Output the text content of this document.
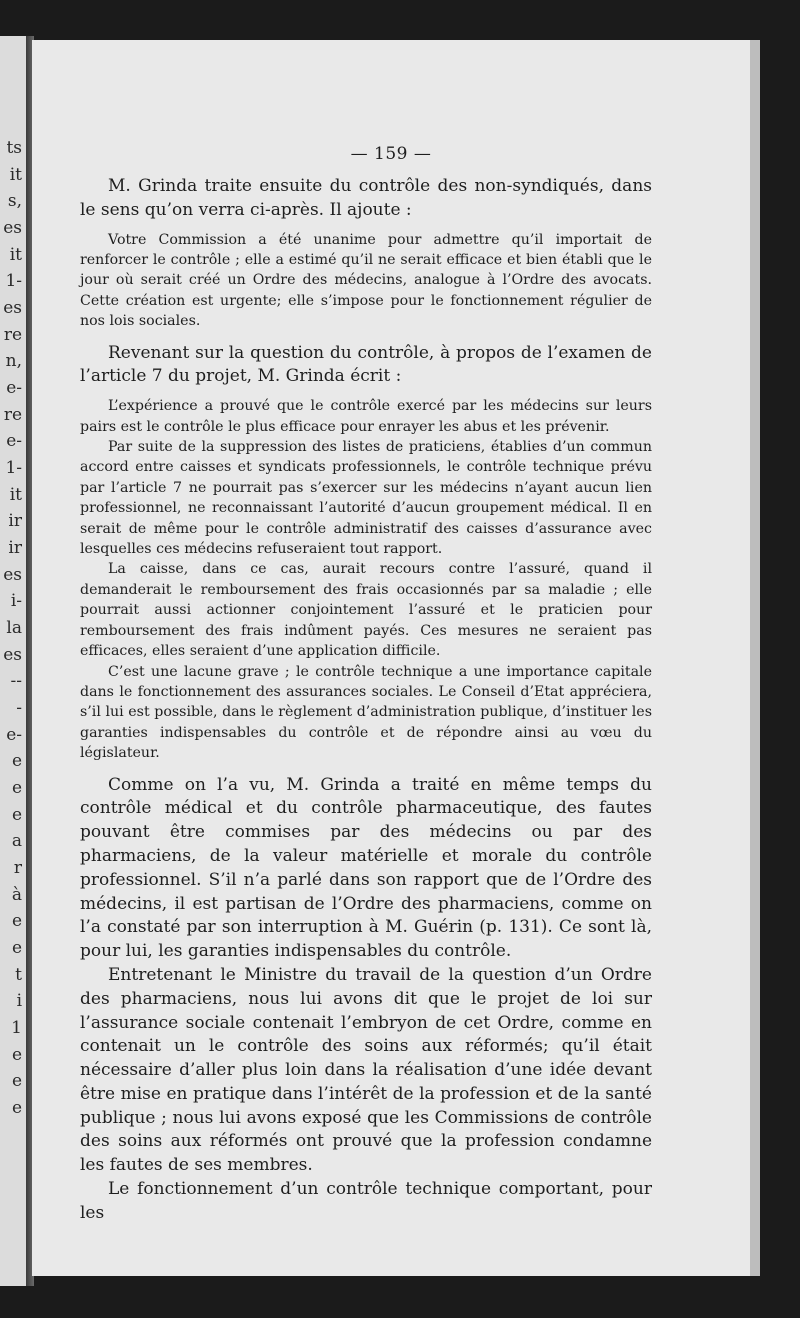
ts
it
s,
es
it
1-
es
re
n,
e-
re
e-
1-
it
ir
ir
es
i-
la
es
--
-
e-
e
e
e
a
r
à
e
e
t
i
1
e
e
e
— 159 —

M. Grinda traite ensuite du contrôle des non-syndiqués, dans le sens qu’on verra ci-après. Il ajoute :

Votre Commission a été unanime pour admettre qu’il importait de renforcer le contrôle ; elle a estimé qu’il ne serait efficace et bien établi que le jour où serait créé un Ordre des médecins, analogue à l’Ordre des avocats. Cette création est urgente; elle s’impose pour le fonctionnement régulier de nos lois sociales.

Revenant sur la question du contrôle, à propos de l’examen de l’article 7 du projet, M. Grinda écrit :

L’expérience a prouvé que le contrôle exercé par les médecins sur leurs pairs est le contrôle le plus efficace pour enrayer les abus et les prévenir.

Par suite de la suppression des listes de praticiens, établies d’un commun accord entre caisses et syndicats professionnels, le contrôle technique prévu par l’article 7 ne pourrait pas s’exercer sur les médecins n’ayant aucun lien professionnel, ne reconnaissant l’autorité d’aucun groupement médical. Il en serait de même pour le contrôle administratif des caisses d’assurance avec lesquelles ces médecins refuseraient tout rapport.

La caisse, dans ce cas, aurait recours contre l’assuré, quand il demanderait le remboursement des frais occasionnés par sa maladie ; elle pourrait aussi actionner conjointement l’assuré et le praticien pour remboursement des frais indûment payés. Ces mesures ne seraient pas efficaces, elles seraient d’une application difficile.

C’est une lacune grave ; le contrôle technique a une importance capitale dans le fonctionnement des assurances sociales. Le Conseil d’Etat appréciera, s’il lui est possible, dans le règlement d’administration publique, d’instituer les garanties indispensables du contrôle et de répondre ainsi au vœu du législateur.

Comme on l’a vu, M. Grinda a traité en même temps du contrôle médical et du contrôle pharmaceutique, des fautes pouvant être commises par des médecins ou par des pharmaciens, de la valeur matérielle et morale du contrôle professionnel. S’il n’a parlé dans son rapport que de l’Ordre des médecins, il est partisan de l’Ordre des pharmaciens, comme on l’a constaté par son interruption à M. Guérin (p. 131). Ce sont là, pour lui, les garanties indispensables du contrôle.

Entretenant le Ministre du travail de la question d’un Ordre des pharmaciens, nous lui avons dit que le projet de loi sur l’assurance sociale contenait l’embryon de cet Ordre, comme en contenait un le contrôle des soins aux réformés; qu’il était nécessaire d’aller plus loin dans la réalisation d’une idée devant être mise en pratique dans l’intérêt de la profession et de la santé publique ; nous lui avons exposé que les Commissions de contrôle des soins aux réformés ont prouvé que la profession condamne les fautes de ses membres.

Le fonctionnement d’un contrôle technique comportant, pour les
